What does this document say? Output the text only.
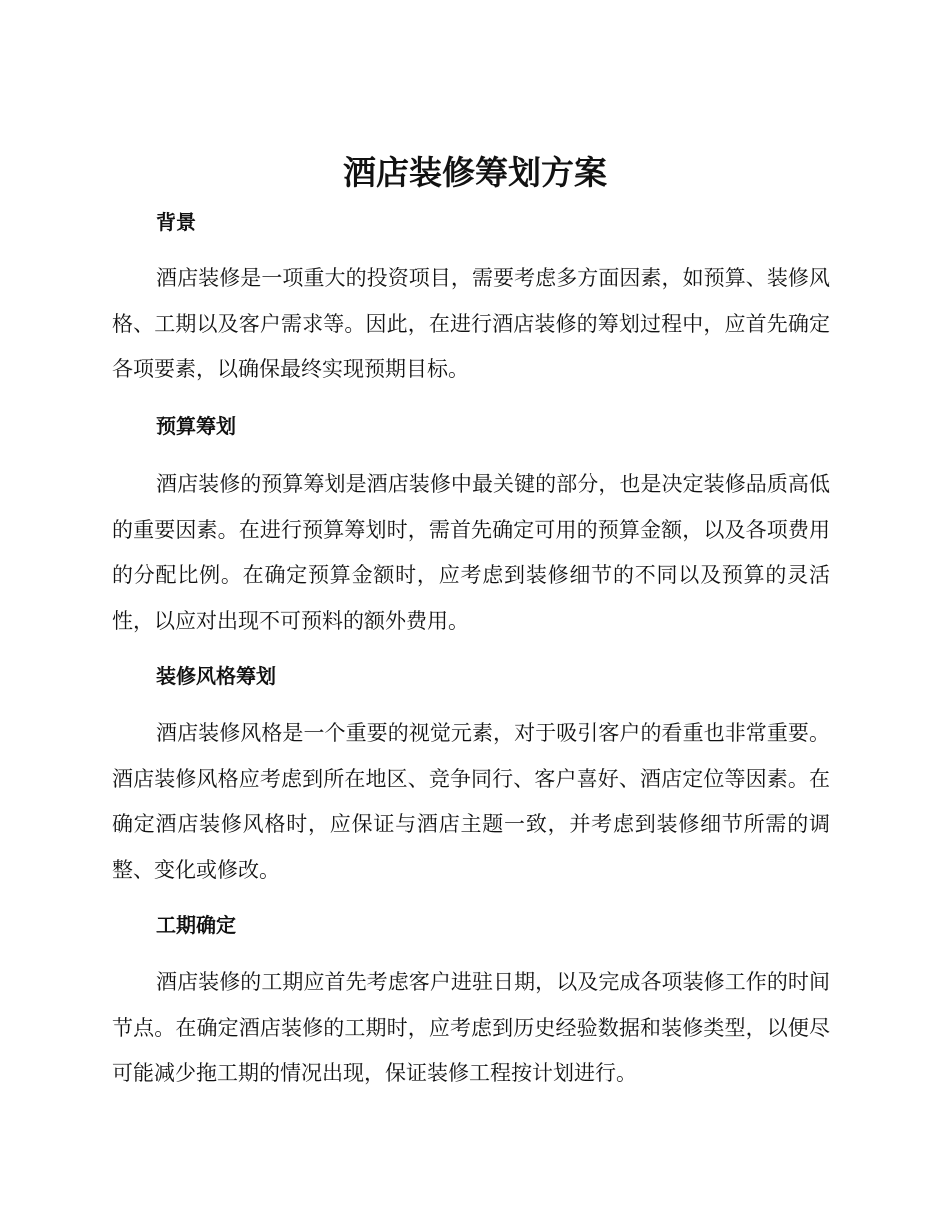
酒店装修筹划方案
背景

酒店装修是一项重大的投资项目，需要考虑多方面因素，如预算、装修风格、工期以及客户需求等。因此，在进行酒店装修的筹划过程中，应首先确定各项要素，以确保最终实现预期目标。

预算筹划

酒店装修的预算筹划是酒店装修中最关键的部分，也是决定装修品质高低的重要因素。在进行预算筹划时，需首先确定可用的预算金额，以及各项费用的分配比例。在确定预算金额时，应考虑到装修细节的不同以及预算的灵活性，以应对出现不可预料的额外费用。

装修风格筹划

酒店装修风格是一个重要的视觉元素，对于吸引客户的看重也非常重要。酒店装修风格应考虑到所在地区、竞争同行、客户喜好、酒店定位等因素。在确定酒店装修风格时，应保证与酒店主题一致，并考虑到装修细节所需的调整、变化或修改。

工期确定

酒店装修的工期应首先考虑客户进驻日期，以及完成各项装修工作的时间节点。在确定酒店装修的工期时，应考虑到历史经验数据和装修类型，以便尽可能减少拖工期的情况出现，保证装修工程按计划进行。
